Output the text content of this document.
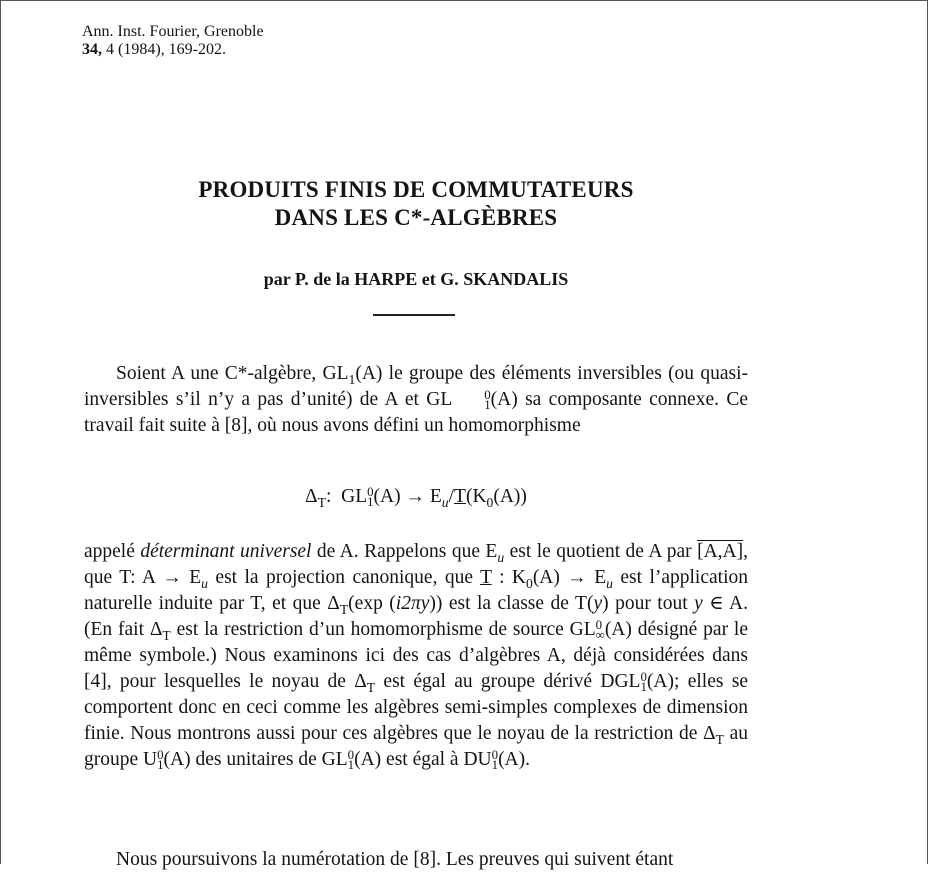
Ann. Inst. Fourier, Grenoble
34, 4 (1984), 169-202.
PRODUITS FINIS DE COMMUTATEURS
DANS LES C*-ALGÈBRES
par P. de la HARPE et G. SKANDALIS

Soient A une C*-algèbre, $GL_1(A)$ le groupe des éléments inversibles (ou quasi-inversibles s’il n’y a pas d’unité) de A et GL	0
1 (A) sa composante connexe. Ce travail fait suite à [8], où nous avons défini un homomorphisme

$\Delta_T$:  GL 0
1 $(A) \to E_u/T(K_0(A))$

appelé déterminant universel de A. Rappelons que $E_u$ est le quotient de A par [A,A], que T: $A \to E_u$ est la projection canonique, que T : $K_0(A) \to E_u$ est l’application naturelle induite par T, et que $\Delta_T(\exp$ (i2πy)) est la classe de T(y) pour tout y ∈ A. (En fait $\Delta_T$ est la restriction d’un homomorphisme de source GL 0
∞ (A) désigné par le même symbole.) Nous examinons ici des cas d’algèbres A, déjà considérées dans [4], pour lesquelles le noyau de $\Delta_T$ est égal au groupe dérivé DGL 0
1 (A); elles se comportent donc en ceci comme les algèbres semi-simples complexes de dimension finie. Nous montrons aussi pour ces algèbres que le noyau de la restriction de $\Delta_T$ au groupe U 0
1 (A) des unitaires de GL 0
1 (A) est égal à DU 0
1 (A).

Nous poursuivons la numérotation de [8]. Les preuves qui suivent étant
